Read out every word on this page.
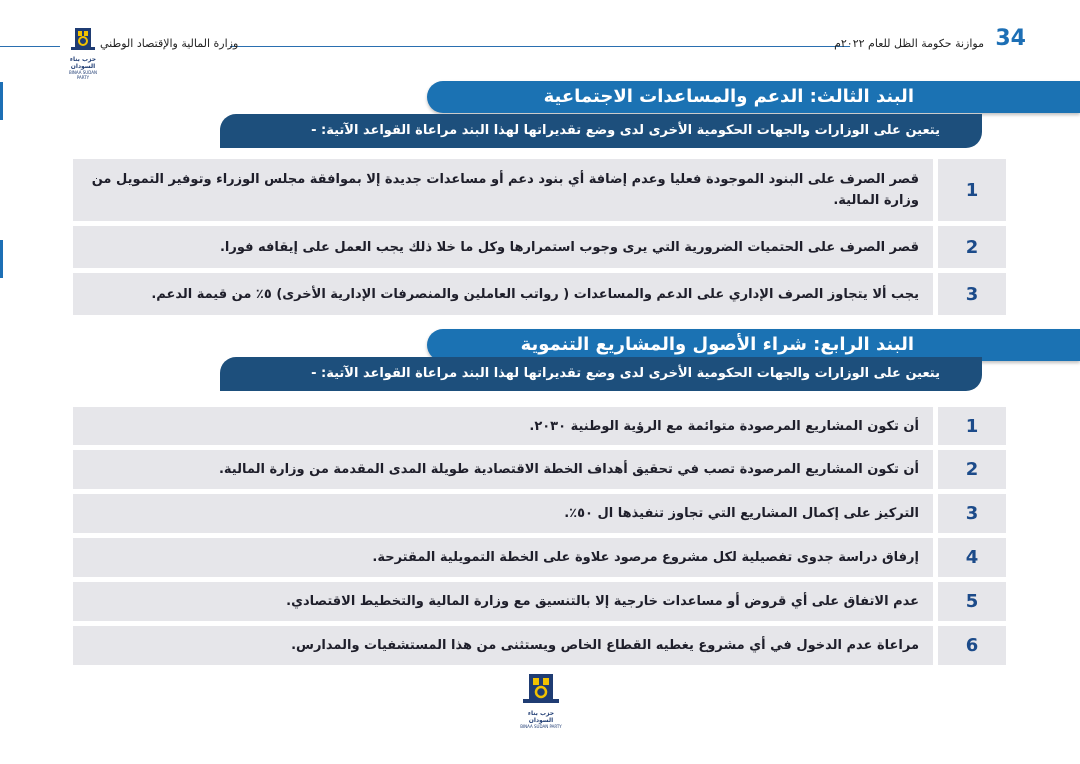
34
موازنة حكومة الظل للعام ٢٠٢٢م
وزارة المالية والإقتصاد الوطني
حزب بناء السودان
BINAA SUDAN PARTY
البند الثالث: الدعم والمساعدات الاجتماعية
يتعين على الوزارات والجهات الحكومية الأخرى لدى وضع تقديراتها لهذا البند مراعاة القواعد الآتية: -
قصر الصرف على البنود الموجودة فعليا وعدم إضافة أي بنود دعم أو مساعدات جديدة إلا بموافقة مجلس الوزراء وتوفير التمويل من وزارة المالية.	1
قصر الصرف على الحتميات الضرورية التي يرى وجوب استمرارها وكل ما خلا ذلك يجب العمل على إيقافه فورا.	2
يجب ألا يتجاوز الصرف الإداري على الدعم والمساعدات ( رواتب العاملين والمنصرفات الإدارية الأخرى) ٥٪ من قيمة الدعم.	3
البند الرابع: شراء الأصول والمشاريع التنموية
يتعين على الوزارات والجهات الحكومية الأخرى لدى وضع تقديراتها لهذا البند مراعاة القواعد الآتية: -
أن تكون المشاريع المرصودة متوائمة مع الرؤية الوطنية ٢٠٣٠.	1
أن تكون المشاريع المرصودة تصب في تحقيق أهداف الخطة الاقتصادية طويلة المدى المقدمة من وزارة المالية.	2
التركيز على إكمال المشاريع التي تجاوز تنفيذها ال ٥٠٪.	3
إرفاق دراسة جدوى تفصيلية لكل مشروع مرصود علاوة على الخطة التمويلية المقترحة.	4
عدم الاتفاق على أي قروض أو مساعدات خارجية إلا بالتنسيق مع وزارة المالية والتخطيط الاقتصادي.	5
مراعاة عدم الدخول في أي مشروع يغطيه القطاع الخاص ويستثنى من هذا المستشفيات والمدارس.	6
حزب بناء السودان
BINAA SUDAN PARTY
